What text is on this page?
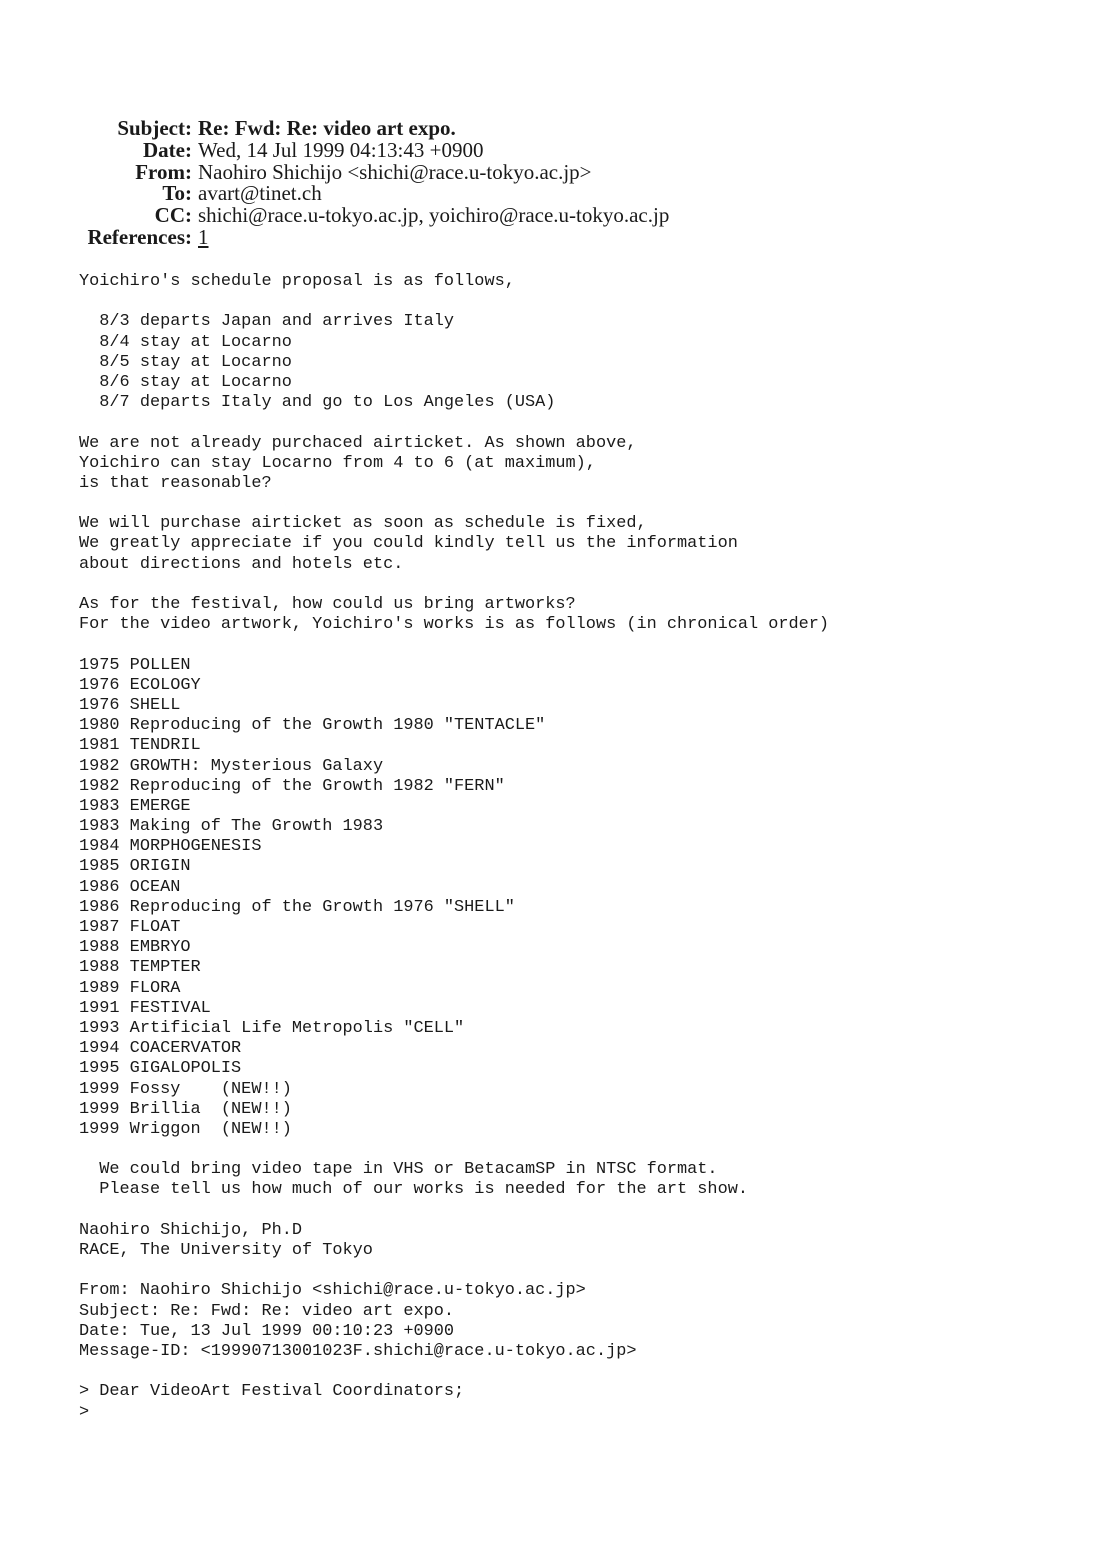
Subject: Re: Fwd: Re: video art expo.
Date: Wed, 14 Jul 1999 04:13:43 +0900
From: Naohiro Shichijo <shichi@race.u-tokyo.ac.jp>
To: avart@tinet.ch
CC: shichi@race.u-tokyo.ac.jp, yoichiro@race.u-tokyo.ac.jp
References: 1
Yoichiro's schedule proposal is as follows,
8/3 departs Japan and arrives Italy
8/4 stay at Locarno
8/5 stay at Locarno
8/6 stay at Locarno
8/7 departs Italy and go to Los Angeles (USA)
We are not already purchaced airticket. As shown above,
Yoichiro can stay Locarno from 4 to 6 (at maximum),
is that reasonable?
We will purchase airticket as soon as schedule is fixed,
We greatly appreciate if you could kindly tell us the information
about directions and hotels etc.
As for the festival, how could us bring artworks?
For the video artwork, Yoichiro's works is as follows (in chronical order)
1975 POLLEN
1976 ECOLOGY
1976 SHELL
1980 Reproducing of the Growth 1980 "TENTACLE"
1981 TENDRIL
1982 GROWTH: Mysterious Galaxy
1982 Reproducing of the Growth 1982 "FERN"
1983 EMERGE
1983 Making of The Growth 1983
1984 MORPHOGENESIS
1985 ORIGIN
1986 OCEAN
1986 Reproducing of the Growth 1976 "SHELL"
1987 FLOAT
1988 EMBRYO
1988 TEMPTER
1989 FLORA
1991 FESTIVAL
1993 Artificial Life Metropolis "CELL"
1994 COACERVATOR
1995 GIGALOPOLIS
1999 Fossy    (NEW!!)
1999 Brillia  (NEW!!)
1999 Wriggon  (NEW!!)
We could bring video tape in VHS or BetacamSP in NTSC format.
Please tell us how much of our works is needed for the art show.
Naohiro Shichijo, Ph.D
RACE, The University of Tokyo
From: Naohiro Shichijo <shichi@race.u-tokyo.ac.jp>
Subject: Re: Fwd: Re: video art expo.
Date: Tue, 13 Jul 1999 00:10:23 +0900
Message-ID: <19990713001023F.shichi@race.u-tokyo.ac.jp>
> Dear VideoArt Festival Coordinators;
>
